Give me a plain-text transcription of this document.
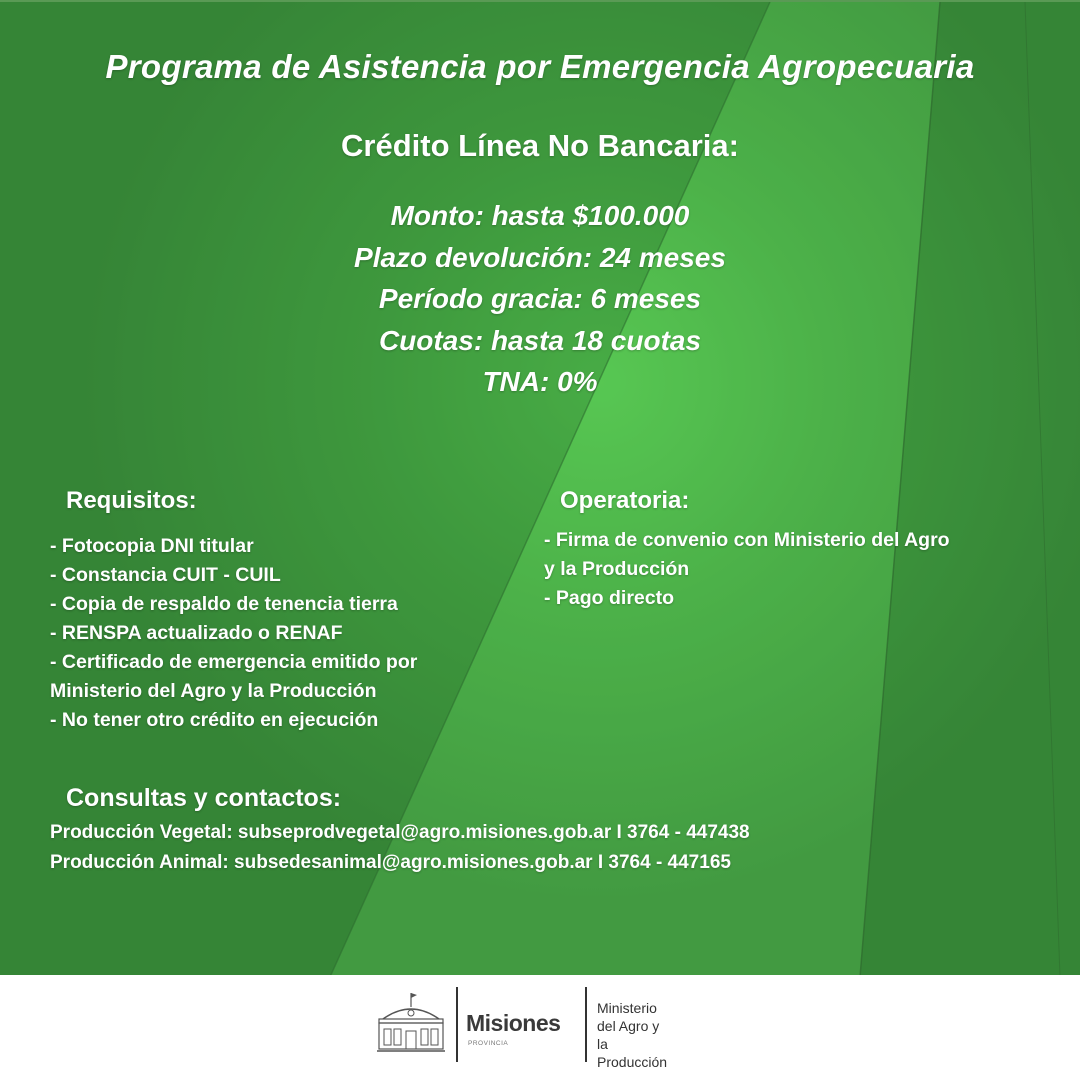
Programa de Asistencia por Emergencia Agropecuaria
Crédito Línea No Bancaria:
Monto: hasta $100.000
Plazo devolución: 24 meses
Período gracia: 6 meses
Cuotas: hasta 18 cuotas
TNA: 0%
Requisitos:
- Fotocopia DNI titular
- Constancia CUIT - CUIL
- Copia de respaldo de tenencia tierra
- RENSPA actualizado o RENAF
- Certificado de emergencia emitido por
Ministerio del Agro y la Producción
- No tener otro crédito en ejecución
Operatoria:
- Firma de convenio con Ministerio del Agro
y la Producción
- Pago directo
Consultas y contactos:
Producción Vegetal: subseprodvegetal@agro.misiones.gob.ar I 3764 - 447438
Producción Animal: subsedesanimal@agro.misiones.gob.ar I 3764 - 447165
Misiones
PROVINCIA
Ministerio
del Agro y
la Producción
